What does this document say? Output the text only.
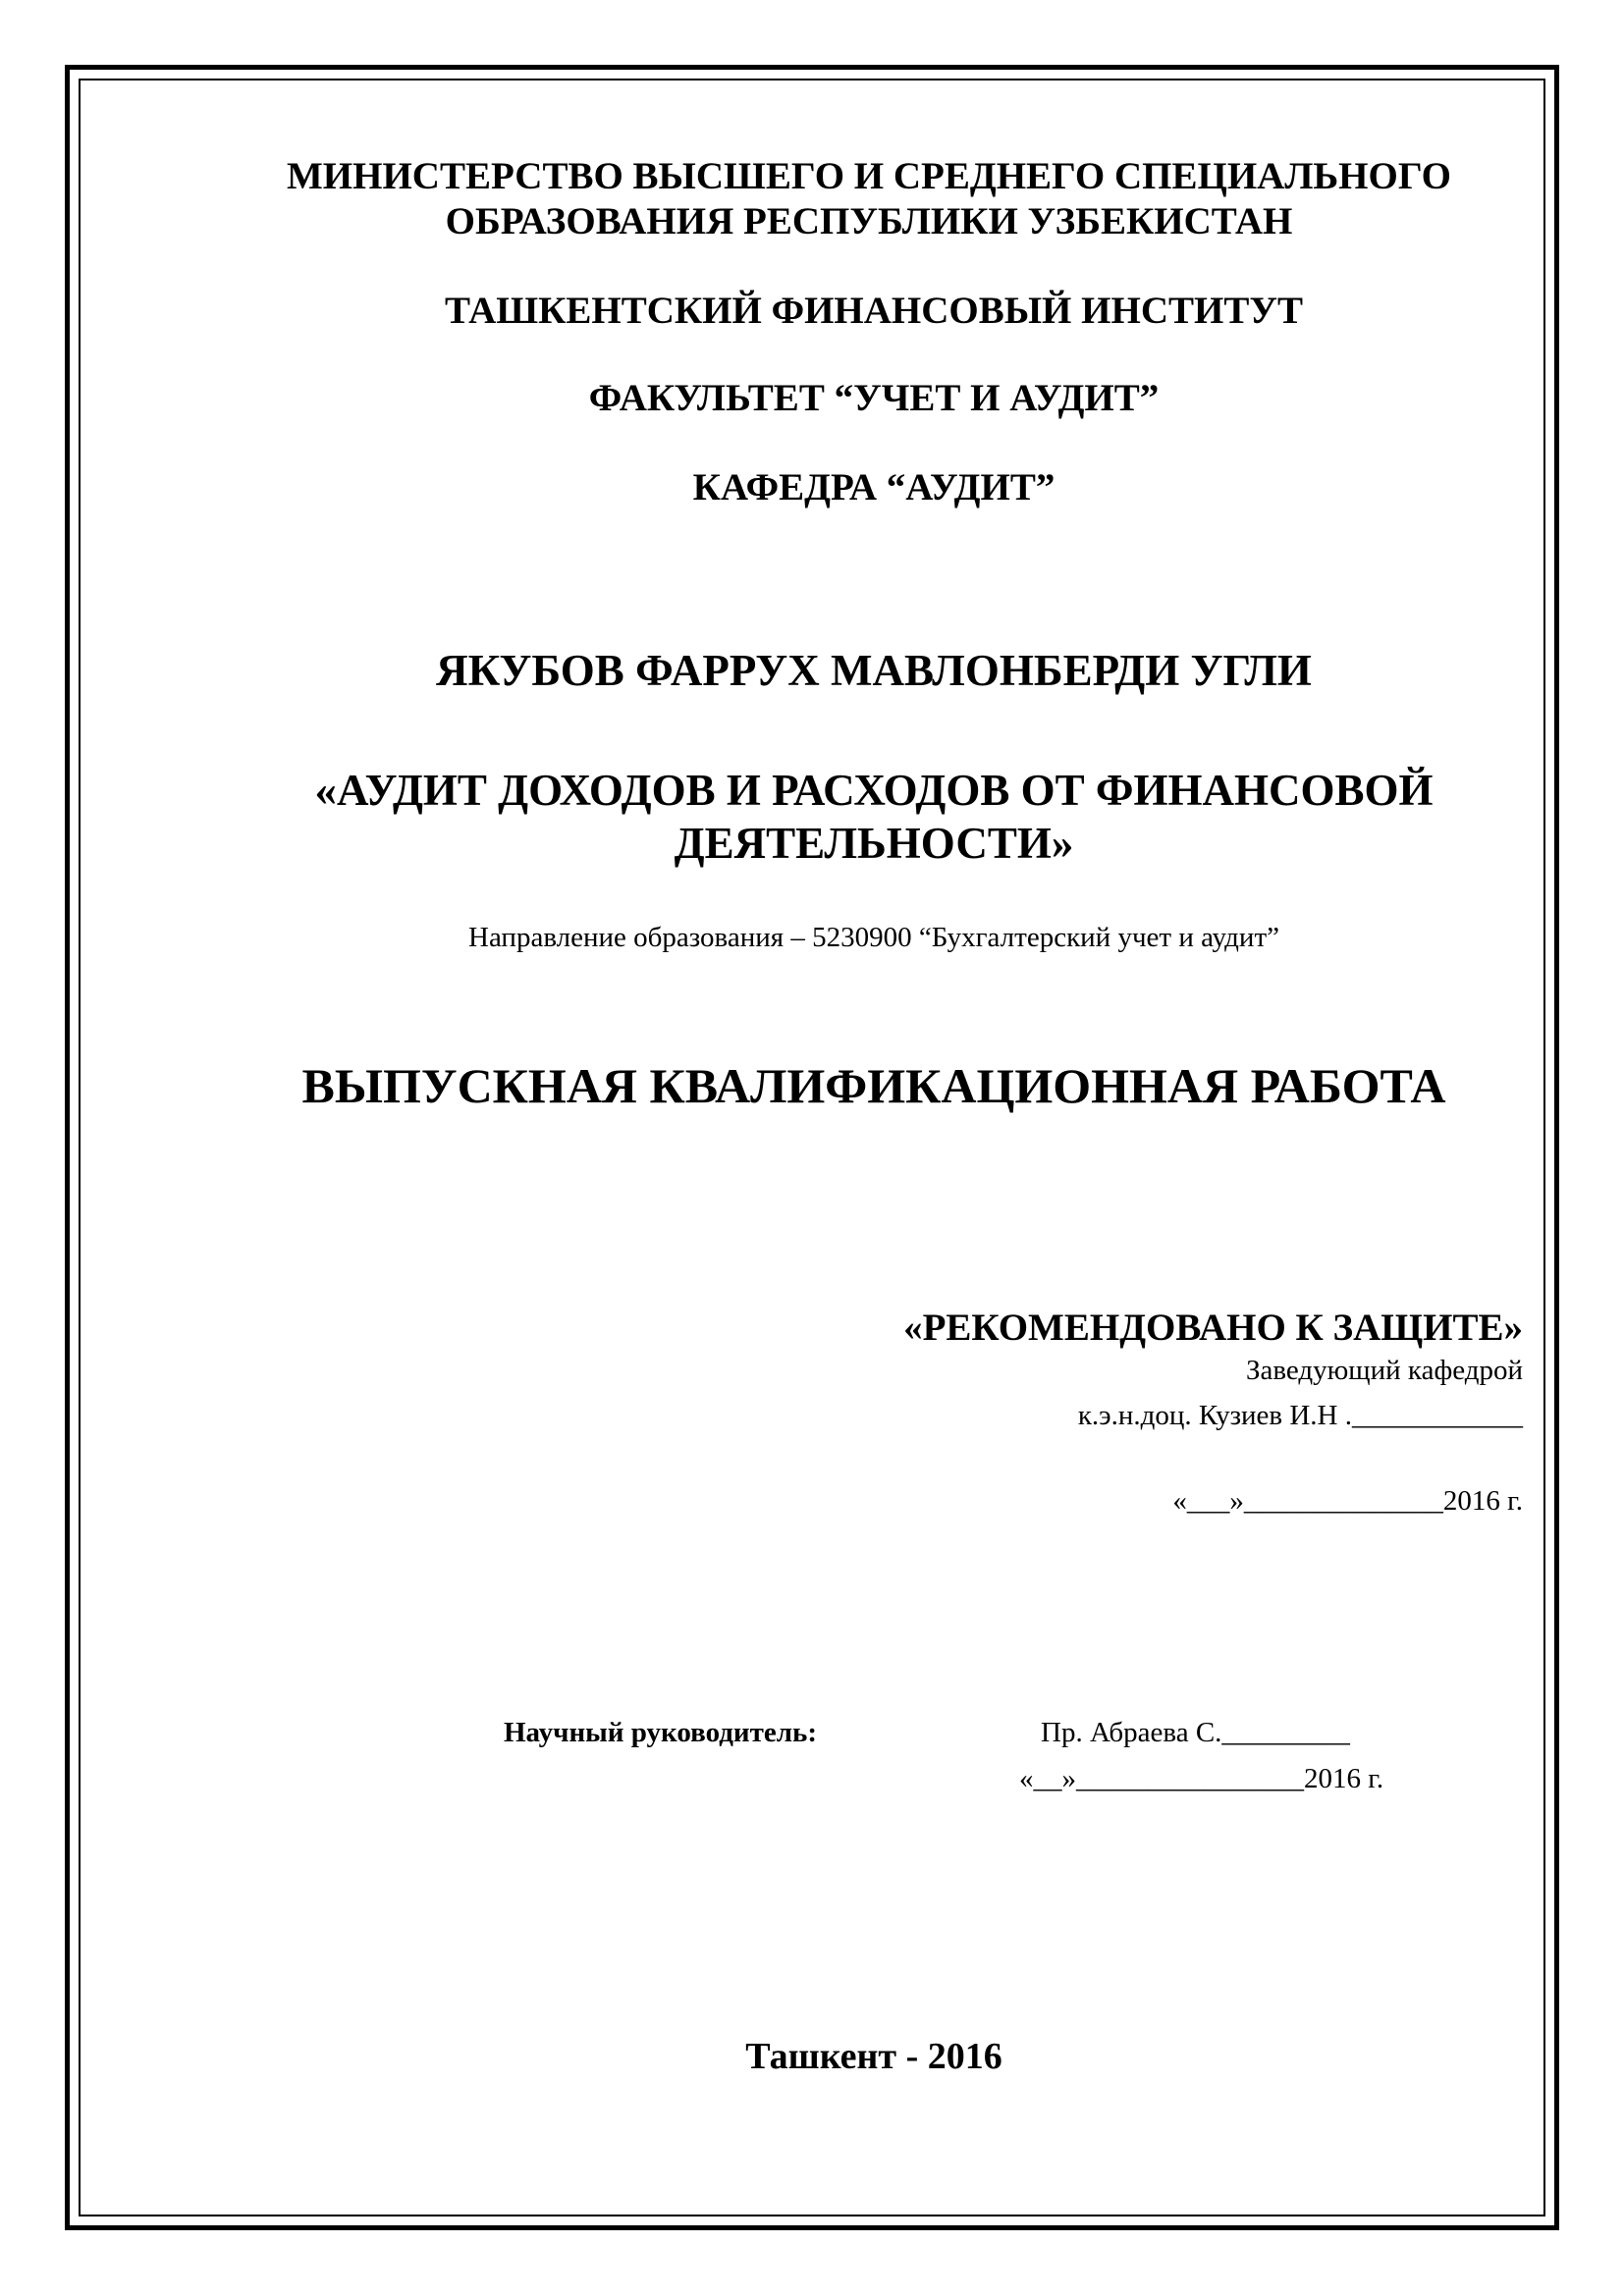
МИНИСТЕРСТВО ВЫСШЕГО И СРЕДНЕГО СПЕЦИАЛЬНОГО
ОБРАЗОВАНИЯ РЕСПУБЛИКИ УЗБЕКИСТАН
ТАШКЕНТСКИЙ ФИНАНСОВЫЙ ИНСТИТУТ
ФАКУЛЬТЕТ “УЧЕТ И АУДИТ”
КАФЕДРА “АУДИТ”
ЯКУБОВ ФАРРУХ МАВЛОНБЕРДИ УГЛИ
«АУДИТ ДОХОДОВ И РАСХОДОВ ОТ ФИНАНСОВОЙ
ДЕЯТЕЛЬНОСТИ»
Направление образования – 5230900 “Бухгалтерский учет и аудит”
ВЫПУСКНАЯ КВАЛИФИКАЦИОННАЯ РАБОТА
«РЕКОМЕНДОВАНО К ЗАЩИТЕ»
Заведующий кафедрой
к.э.н.доц. Кузиев И.Н .____________
«___»______________2016 г.
Научный руководитель:	Пр. Абраева С._________
«__»________________2016 г.
Ташкент - 2016
